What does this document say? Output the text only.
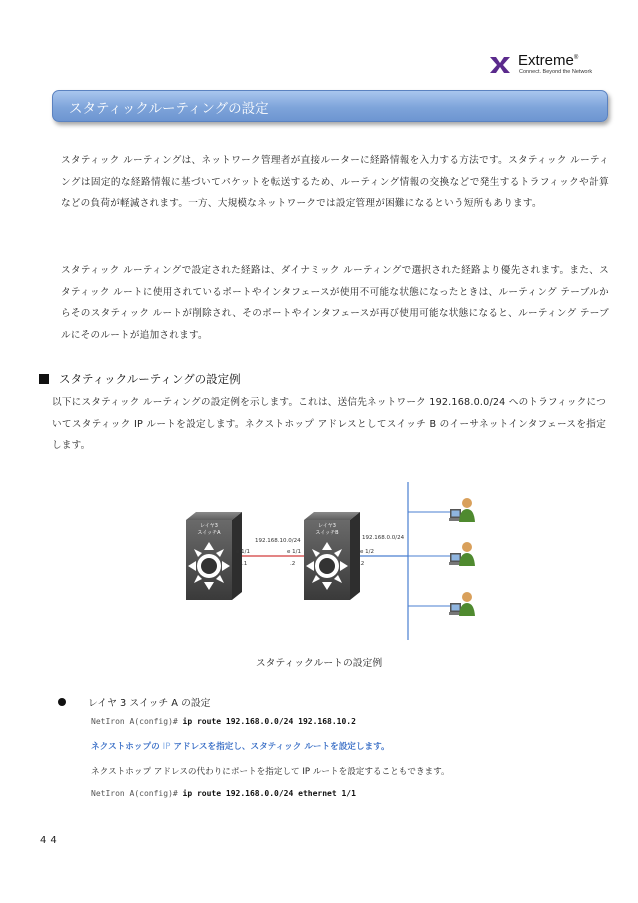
Extreme®
Connect. Beyond the Network
スタティックルーティングの設定

スタティック ルーティングは、ネットワーク管理者が直接ルーターに経路情報を入力する方法です。スタティック ルーティングは固定的な経路情報に基づいてパケットを転送するため、ルーティング情報の交換などで発生するトラフィックや計算などの負荷が軽減されます。一方、大規模なネットワークでは設定管理が困難になるという短所もあります。

スタティック ルーティングで設定された経路は、ダイナミック ルーティングで選択された経路より優先されます。また、スタティック ルートに使用されているポートやインタフェースが使用不可能な状態になったときは、ルーティング テーブルからそのスタティック ルートが削除され、そのポートやインタフェースが再び使用可能な状態になると、ルーティング テーブルにそのルートが追加されます。

スタティックルーティングの設定例

以下にスタティック ルーティングの設定例を示します。これは、送信先ネットワーク 192.168.0.0/24 へのトラフィックについてスタティック IP ルートを設定します。ネクストホップ アドレスとしてスイッチ B のイーサネットインタフェースを指定します。

レイヤ3
スイッチA
レイヤ3
スイッチB
192.168.10.0/24
e 1/1	e 1/1
.1	.2
192.168.0.0/24
e 1/2
.2
スタティックルートの設定例
レイヤ 3 スイッチ A の設定
NetIron A(config)# ip route 192.168.0.0/24 192.168.10.2
ネクストホップの IP アドレスを指定し、スタティック ルートを設定します。
ネクストホップ アドレスの代わりにポートを指定して IP ルートを設定することもできます。
NetIron A(config)# ip route 192.168.0.0/24 ethernet 1/1
44
